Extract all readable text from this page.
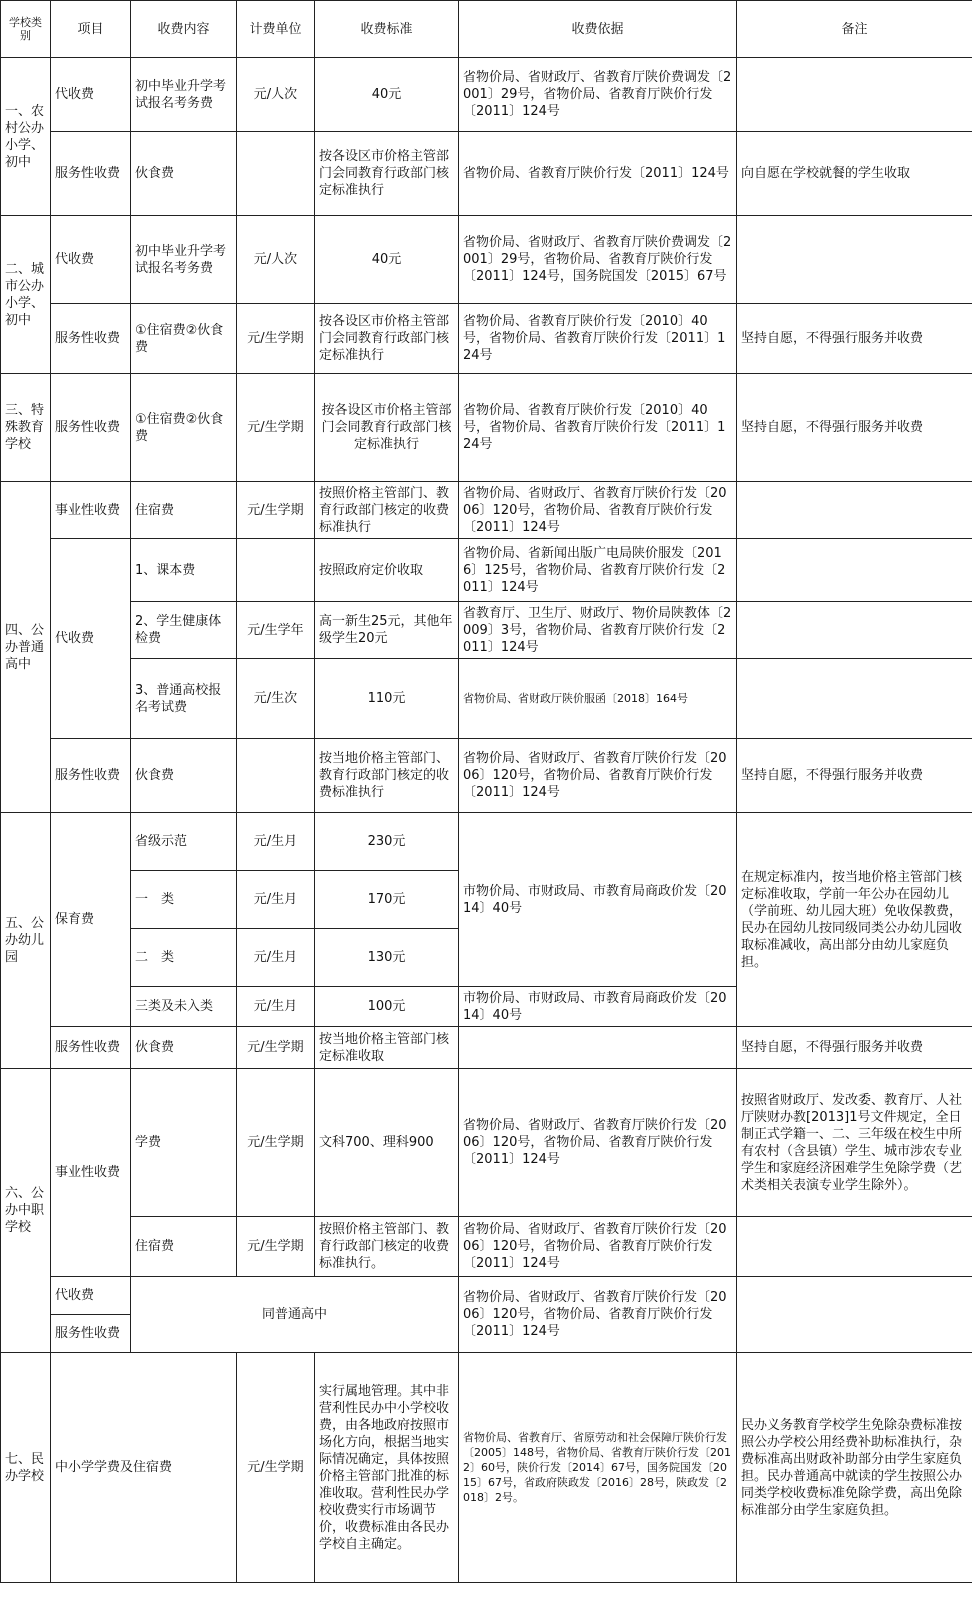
学校类别	项目	收费内容	计费单位	收费标准	收费依据	备注
一、农村公办小学、初中	代收费	初中毕业升学考试报名考务费	元/人次	40元	省物价局、省财政厅、省教育厅陕价费调发〔2001〕29号，省物价局、省教育厅陕价行发〔2011〕124号	
	服务性收费	伙食费		按各设区市价格主管部门会同教育行政部门核定标准执行	省物价局、省教育厅陕价行发〔2011〕124号	向自愿在学校就餐的学生收取
二、城市公办小学、初中	代收费	初中毕业升学考试报名考务费	元/人次	40元	省物价局、省财政厅、省教育厅陕价费调发〔2001〕29号，省物价局、省教育厅陕价行发〔2011〕124号，国务院国发〔2015〕67号	
	服务性收费	①住宿费②伙食费	元/生学期	按各设区市价格主管部门会同教育行政部门核定标准执行	省物价局、省教育厅陕价行发〔2010〕40号，省物价局、省教育厅陕价行发〔2011〕124号	坚持自愿，不得强行服务并收费
三、特殊教育学校	服务性收费	①住宿费②伙食费	元/生学期	按各设区市价格主管部门会同教育行政部门核定标准执行	省物价局、省教育厅陕价行发〔2010〕40号，省物价局、省教育厅陕价行发〔2011〕124号	坚持自愿，不得强行服务并收费
四、公办普通高中	事业性收费	住宿费	元/生学期	按照价格主管部门、教育行政部门核定的收费标准执行	省物价局、省财政厅、省教育厅陕价行发〔2006〕120号，省物价局、省教育厅陕价行发〔2011〕124号	
	代收费	1、课本费		按照政府定价收取	省物价局、省新闻出版广电局陕价服发〔2016〕125号，省物价局、省教育厅陕价行发〔2011〕124号	
		2、学生健康体检费	元/生学年	高一新生25元，其他年级学生20元	省教育厅、卫生厅、财政厅、物价局陕教体〔2009〕3号，省物价局、省教育厅陕价行发〔2011〕124号	
		3、普通高校报名考试费	元/生次	110元	省物价局、省财政厅陕价服函〔2018〕164号	
	服务性收费	伙食费		按当地价格主管部门、教育行政部门核定的收费标准执行	省物价局、省财政厅、省教育厅陕价行发〔2006〕120号，省物价局、省教育厅陕价行发〔2011〕124号	坚持自愿，不得强行服务并收费
五、公办幼儿园	保育费	省级示范	元/生月	230元	市物价局、市财政局、市教育局商政价发〔2014〕40号	在规定标准内，按当地价格主管部门核定标准收取，学前一年公办在园幼儿（学前班、幼儿园大班）免收保教费，民办在园幼儿按同级同类公办幼儿园收取标准减收，高出部分由幼儿家庭负担。
		一　类	元/生月	170元		
		二　类	元/生月	130元		
		三类及未入类	元/生月	100元	市物价局、市财政局、市教育局商政价发〔2014〕40号	
	服务性收费	伙食费	元/生学期	按当地价格主管部门核定标准收取		坚持自愿，不得强行服务并收费
六、公办中职学校	事业性收费	学费	元/生学期	文科700、理科900	省物价局、省财政厅、省教育厅陕价行发〔2006〕120号，省物价局、省教育厅陕价行发〔2011〕124号	按照省财政厅、发改委、教育厅、人社厅陕财办教[2013]1号文件规定，全日制正式学籍一、二、三年级在校生中所有农村（含县镇）学生、城市涉农专业学生和家庭经济困难学生免除学费（艺术类相关表演专业学生除外）。
		住宿费	元/生学期	按照价格主管部门、教育行政部门核定的收费标准执行。	省物价局、省财政厅、省教育厅陕价行发〔2006〕120号，省物价局、省教育厅陕价行发〔2011〕124号	
	代收费	同普通高中			省物价局、省财政厅、省教育厅陕价行发〔2006〕120号，省物价局、省教育厅陕价行发〔2011〕124号	
	服务性收费					
七、民办学校	中小学学费及住宿费		元/生学期	实行属地管理。其中非营利性民办中小学校收费，由各地政府按照市场化方向，根据当地实际情况确定，具体按照价格主管部门批准的标准收取。营利性民办学校收费实行市场调节价，收费标准由各民办学校自主确定。	省物价局、省教育厅、省原劳动和社会保障厅陕价行发〔2005〕148号，省物价局、省教育厅陕价行发〔2012〕60号，陕价行发〔2014〕67号，国务院国发〔2015〕67号，省政府陕政发〔2016〕28号，陕政发〔2018〕2号。	民办义务教育学校学生免除杂费标准按照公办学校公用经费补助标准执行，杂费标准高出财政补助部分由学生家庭负担。民办普通高中就读的学生按照公办同类学校收费标准免除学费，高出免除标准部分由学生家庭负担。
